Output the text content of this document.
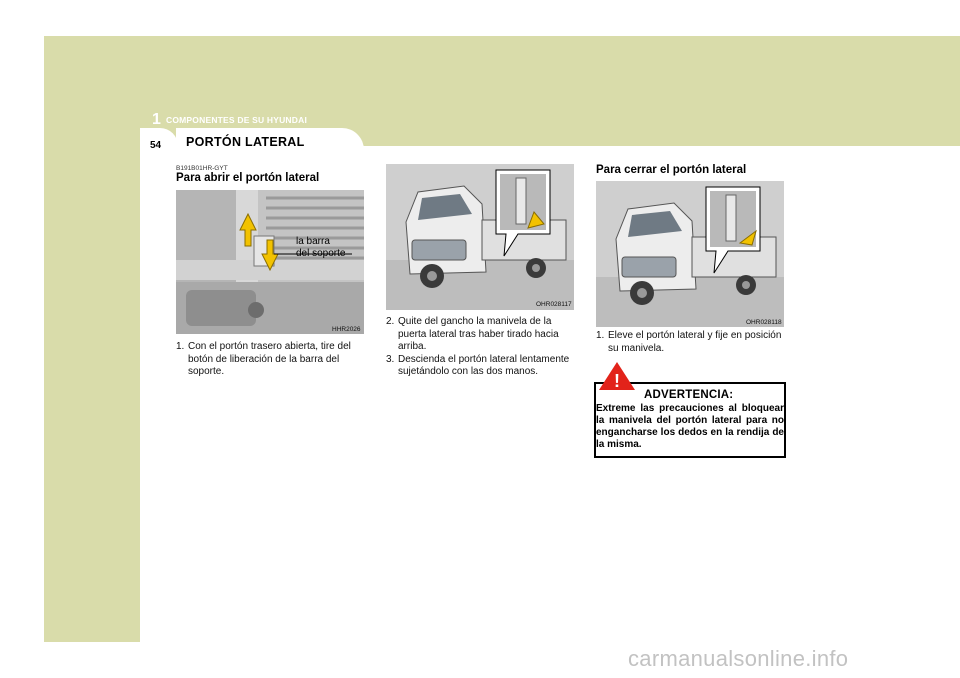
1 COMPONENTES DE SU HYUNDAI
54 PORTÓN LATERAL
B191B01HR-GYT
Para abrir el portón lateral
la barra
del soporte
HHR2026
1. Con el portón trasero abierta, tire del botón de liberación de la barra del soporte.
OHR028117
2. Quite del gancho la manivela de la puerta lateral tras haber tirado hacia arriba.
3. Descienda el portón lateral lentamente sujetándolo con las dos manos.
Para cerrar el portón lateral
OHR028118
1. Eleve el portón lateral y fije en posición su manivela.
!
ADVERTENCIA:
Extreme las precauciones al bloquear la manivela del portón lateral para no engancharse los dedos en la rendija de la misma.
carmanualsonline.info
